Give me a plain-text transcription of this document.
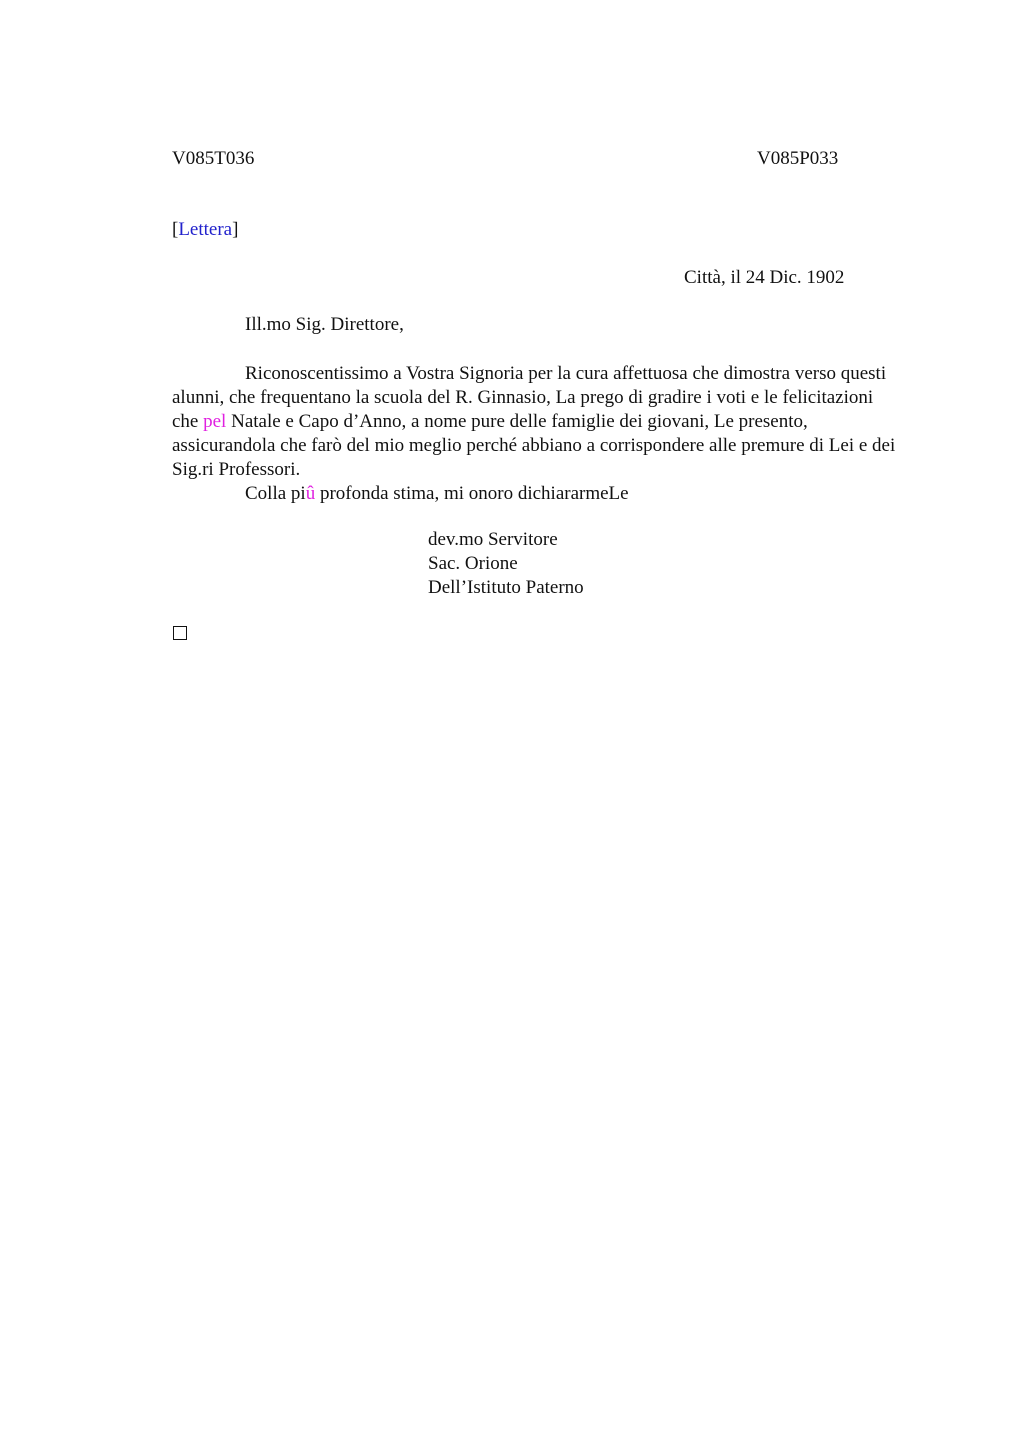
V085T036	V085P033
[Lettera]
Città, il 24 Dic. 1902
Ill.mo Sig. Direttore,

Riconoscentissimo a Vostra Signoria per la cura affettuosa che dimostra verso questi alunni, che frequentano la scuola del R. Ginnasio, La prego di gradire i voti e le felicitazioni che pel Natale e Capo d’Anno, a nome pure delle famiglie dei giovani, Le presento, assicurandola che farò del mio meglio perché abbiano a corrispondere alle premure di Lei e dei Sig.ri Professori.

Colla piû profonda stima, mi onoro dichiararmeLe

dev.mo Servitore
Sac. Orione
Dell’Istituto Paterno
